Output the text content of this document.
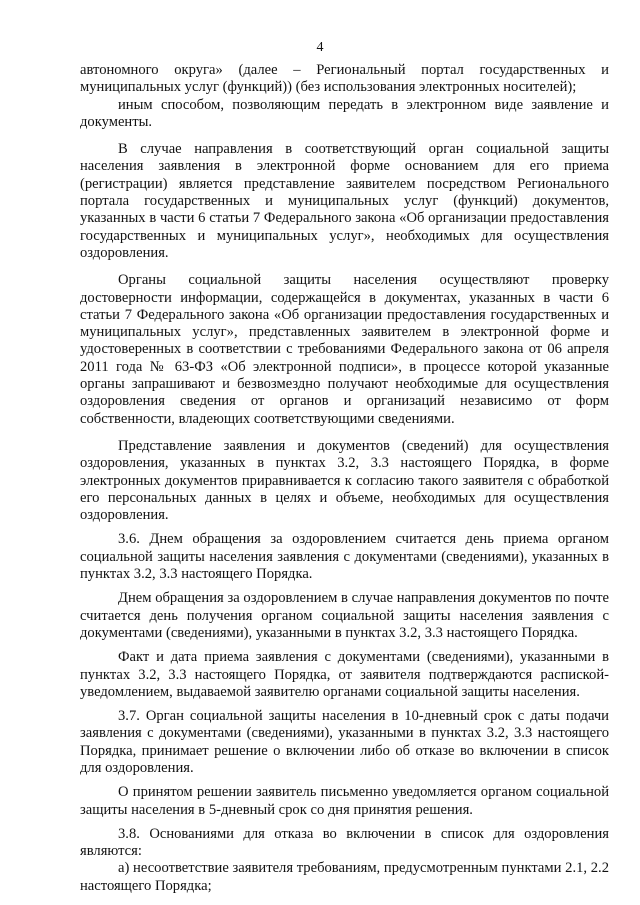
4

автономного округа» (далее – Региональный портал государственных и муниципальных услуг (функций)) (без использования электронных носителей);

иным способом, позволяющим передать в электронном виде заявление и документы.

В случае направления в соответствующий орган социальной защиты населения заявления в электронной форме основанием для его приема (регистрации) является представление заявителем посредством Регионального портала государственных и муниципальных услуг (функций) документов, указанных в части 6 статьи 7 Федерального закона «Об организации предоставления государственных и муниципальных услуг», необходимых для осуществления оздоровления.

Органы социальной защиты населения осуществляют проверку достоверности информации, содержащейся в документах, указанных в части 6 статьи 7 Федерального закона «Об организации предоставления государственных и муниципальных услуг», представленных заявителем в электронной форме и удостоверенных в соответствии с требованиями Федерального закона от 06 апреля 2011 года № 63-ФЗ «Об электронной подписи», в процессе которой указанные органы запрашивают и безвозмездно получают необходимые для осуществления оздоровления сведения от органов и организаций независимо от форм собственности, владеющих соответствующими сведениями.

Представление заявления и документов (сведений) для осуществления оздоровления, указанных в пунктах 3.2, 3.3 настоящего Порядка, в форме электронных документов приравнивается к согласию такого заявителя с обработкой его персональных данных в целях и объеме, необходимых для осуществления оздоровления.

3.6. Днем обращения за оздоровлением считается день приема органом социальной защиты населения заявления с документами (сведениями), указанных в пунктах 3.2, 3.3 настоящего Порядка.

Днем обращения за оздоровлением в случае направления документов по почте считается день получения органом социальной защиты населения заявления с документами (сведениями), указанными в пунктах 3.2, 3.3 настоящего Порядка.

Факт и дата приема заявления с документами (сведениями), указанными в пунктах 3.2, 3.3 настоящего Порядка, от заявителя подтверждаются распиской-уведомлением, выдаваемой заявителю органами социальной защиты населения.

3.7. Орган социальной защиты населения в 10-дневный срок с даты подачи заявления с документами (сведениями), указанными в пунктах 3.2, 3.3 настоящего Порядка, принимает решение о включении либо об отказе во включении в список для оздоровления.

О принятом решении заявитель письменно уведомляется органом социальной защиты населения в 5-дневный срок со дня принятия решения.

3.8. Основаниями для отказа во включении в список для оздоровления являются:

а) несоответствие заявителя требованиям, предусмотренным пунктами 2.1, 2.2 настоящего Порядка;
